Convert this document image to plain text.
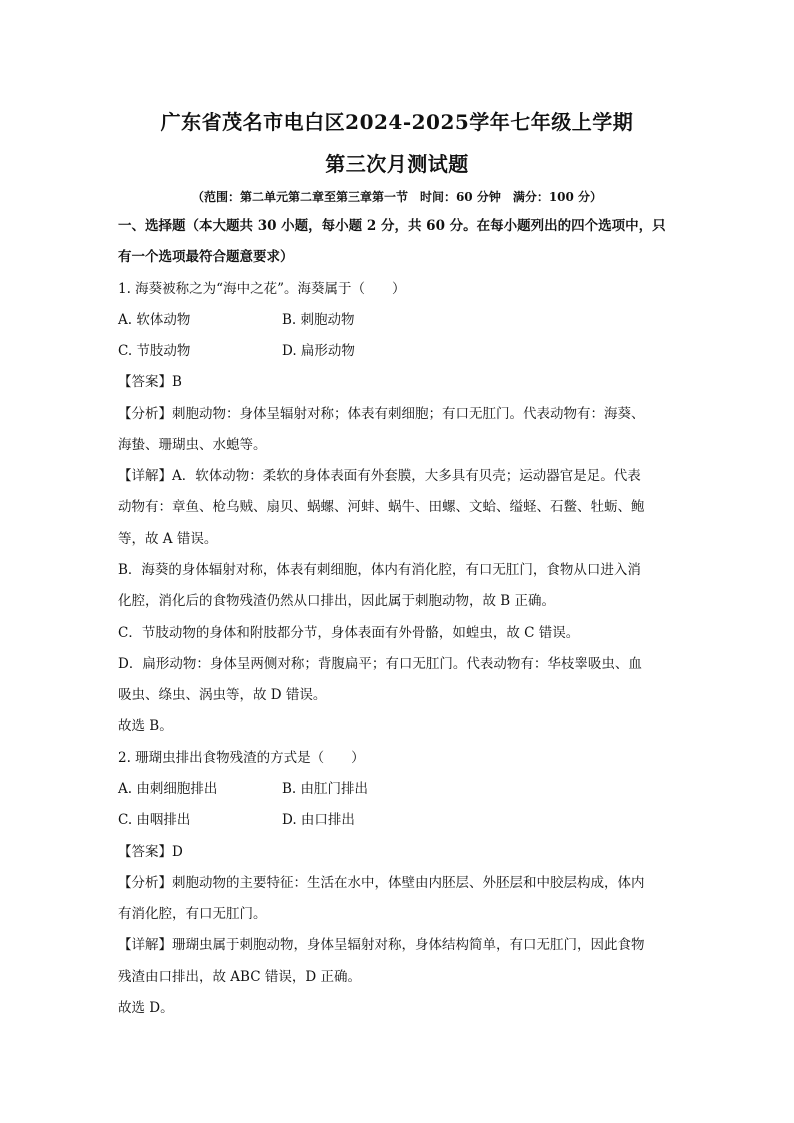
广东省茂名市电白区2024-2025学年七年级上学期
第三次月测试题
（范围：第二单元第二章至第三章第一节　时间：60 分钟　满分：100 分）
一、选择题（本大题共 30 小题，每小题 2 分，共 60 分。在每小题列出的四个选项中，只
有一个选项最符合题意要求）
1. 海葵被称之为“海中之花”。海葵属于（　　）
A. 软体动物	B. 刺胞动物
C. 节肢动物	D. 扁形动物
【答案】B
【分析】刺胞动物：身体呈辐射对称；体表有刺细胞；有口无肛门。代表动物有：海葵、
海蛰、珊瑚虫、水螅等。
【详解】A．软体动物：柔软的身体表面有外套膜，大多具有贝壳；运动器官是足。代表
动物有：章鱼、枪乌贼、扇贝、蜗螺、河蚌、蜗牛、田螺、文蛤、缢蛏、石鳖、牡蛎、鲍
等，故 A 错误。
B．海葵的身体辐射对称，体表有刺细胞，体内有消化腔，有口无肛门，食物从口进入消
化腔，消化后的食物残渣仍然从口排出，因此属于刺胞动物，故 B 正确。
C．节肢动物的身体和附肢都分节，身体表面有外骨骼，如蝗虫，故 C 错误。
D．扁形动物：身体呈两侧对称；背腹扁平；有口无肛门。代表动物有：华枝睾吸虫、血
吸虫、绦虫、涡虫等，故 D 错误。
故选 B。
2. 珊瑚虫排出食物残渣的方式是（　　）
A. 由刺细胞排出	B. 由肛门排出
C. 由咽排出	D. 由口排出
【答案】D
【分析】刺胞动物的主要特征：生活在水中，体壁由内胚层、外胚层和中胶层构成，体内
有消化腔，有口无肛门。
【详解】珊瑚虫属于刺胞动物，身体呈辐射对称，身体结构简单，有口无肛门，因此食物
残渣由口排出，故 ABC 错误，D 正确。
故选 D。
